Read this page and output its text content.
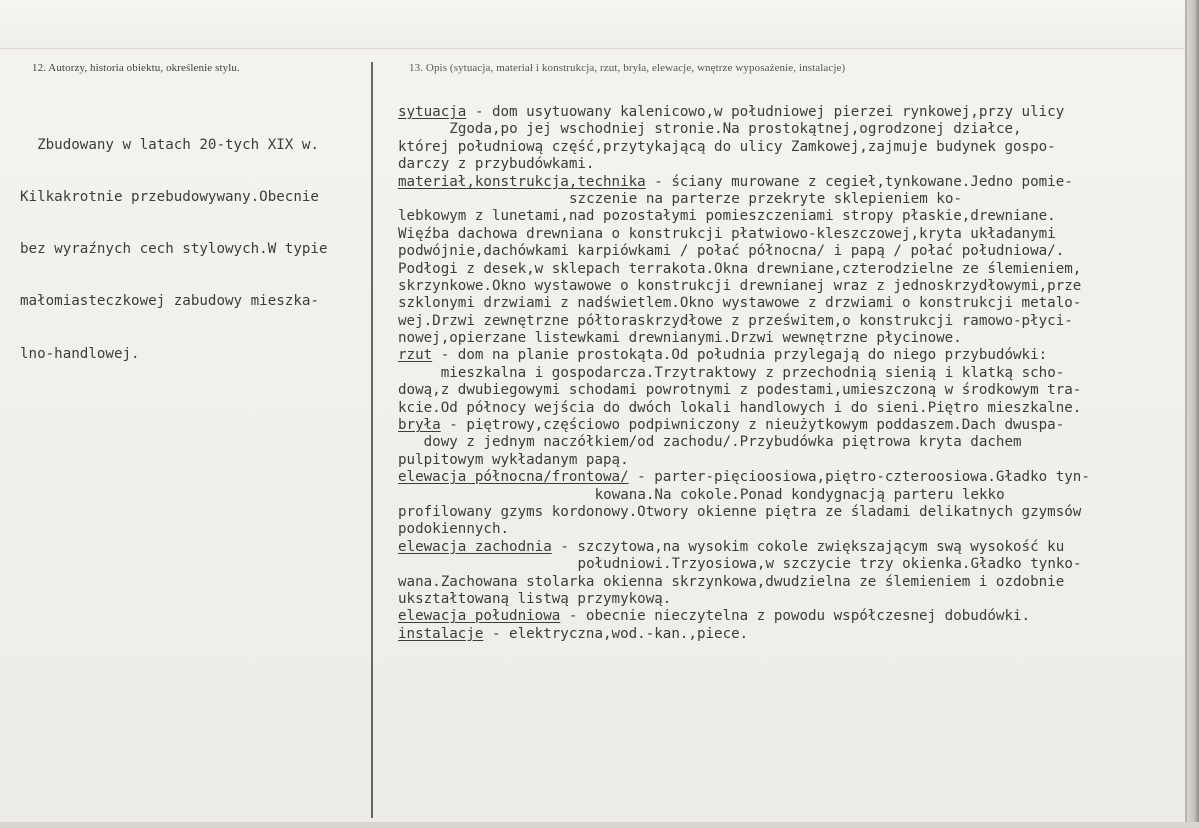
12. Autorzy, historia obiektu, określenie stylu.	13. Opis (sytuacja, materiał i konstrukcja, rzut, bryła, elewacje, wnętrze wyposażenie, instalacje)

Zbudowany w latach 20-tych XIX w.

Kilkakrotnie przebudowywany.Obecnie

bez wyraźnych cech stylowych.W typie

małomiasteczkowej zabudowy mieszka-

lno-handlowej.

sytuacja - dom usytuowany kalenicowo,w południowej pierzei rynkowej,przy ulicy
Zgoda,po jej wschodniej stronie.Na prostokątnej,ogrodzonej działce,
której południową część,przytykającą do ulicy Zamkowej,zajmuje budynek gospo-
darczy z przybudówkami.
materiał,konstrukcja,technika - ściany murowane z cegieł,tynkowane.Jedno pomie-
szczenie na parterze przekryte sklepieniem ko-
lebkowym z lunetami,nad pozostałymi pomieszczeniami stropy płaskie,drewniane.
Więźba dachowa drewniana o konstrukcji płatwiowo-kleszczowej,kryta układanymi
podwójnie,dachówkami karpiówkami / połać północna/ i papą / połać południowa/.
Podłogi z desek,w sklepach terrakota.Okna drewniane,czterodzielne ze ślemieniem,
skrzynkowe.Okno wystawowe o konstrukcji drewnianej wraz z jednoskrzydłowymi,prze
szklonymi drzwiami z nadświetlem.Okno wystawowe z drzwiami o konstrukcji metalo-
wej.Drzwi zewnętrzne półtoraskrzydłowe z prześwitem,o konstrukcji ramowo-płyci-
nowej,opierzane listewkami drewnianymi.Drzwi wewnętrzne płycinowe.
rzut - dom na planie prostokąta.Od południa przylegają do niego przybudówki:
mieszkalna i gospodarcza.Trzytraktowy z przechodnią sienią i klatką scho-
dową,z dwubiegowymi schodami powrotnymi z podestami,umieszczoną w środkowym tra-
kcie.Od północy wejścia do dwóch lokali handlowych i do sieni.Piętro mieszkalne.
bryła - piętrowy,częściowo podpiwniczony z nieużytkowym poddaszem.Dach dwuspa-
dowy z jednym naczółkiem/od zachodu/.Przybudówka piętrowa kryta dachem
pulpitowym wykładanym papą.
elewacja północna/frontowa/ - parter-pięcioosiowa,piętro-czteroosiowa.Gładko tyn-
kowana.Na cokole.Ponad kondygnacją parteru lekko
profilowany gzyms kordonowy.Otwory okienne piętra ze śladami delikatnych gzymsów
podokiennych.
elewacja zachodnia - szczytowa,na wysokim cokole zwiększającym swą wysokość ku
południowi.Trzyosiowa,w szczycie trzy okienka.Gładko tynko-
wana.Zachowana stolarka okienna skrzynkowa,dwudzielna ze ślemieniem i ozdobnie
ukształtowaną listwą przymykową.
elewacja południowa - obecnie nieczytelna z powodu współczesnej dobudówki.
instalacje - elektryczna,wod.-kan.,piece.
